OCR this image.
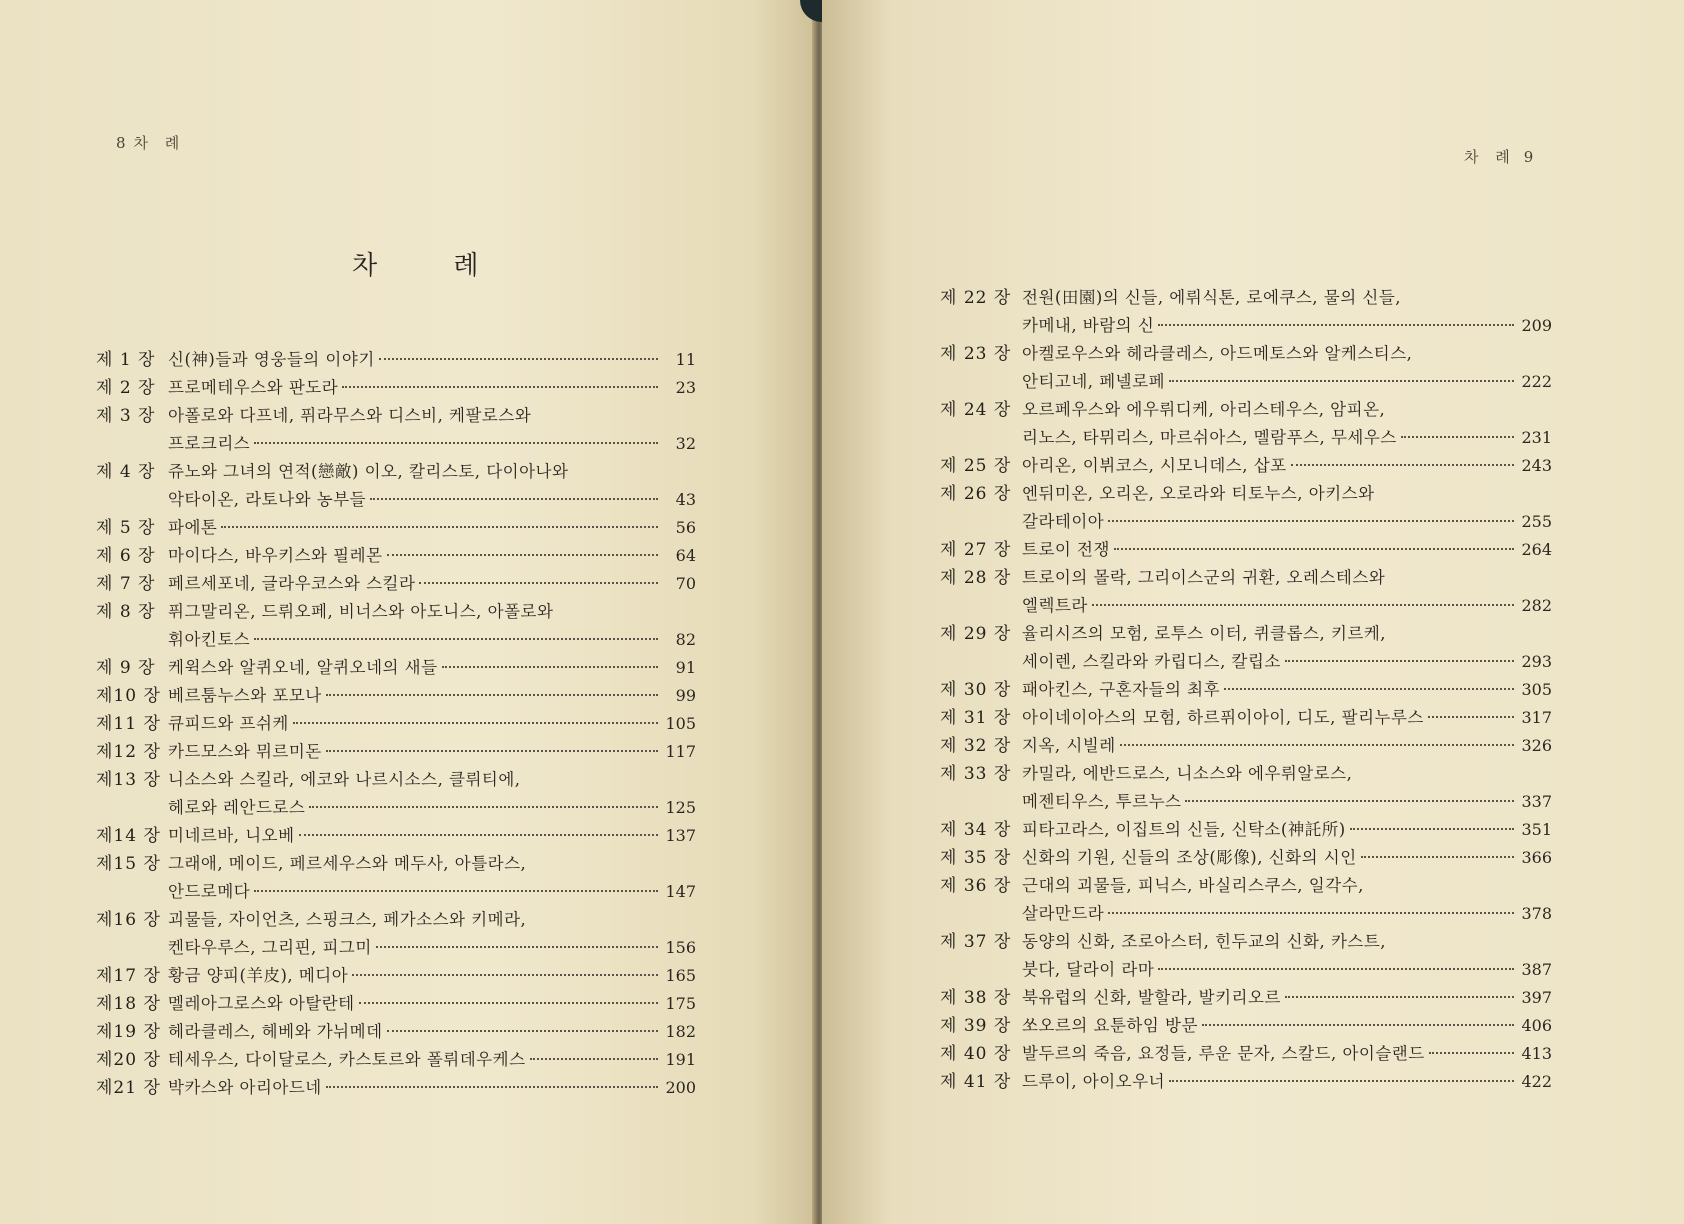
8 차 례
차 례
제 1 장 신(神)들과 영웅들의 이야기	11
제 2 장 프로메테우스와 판도라	23
제 3 장 아폴로와 다프네, 퓌라무스와 디스비, 케팔로스와
프로크리스	32
제 4 장 쥬노와 그녀의 연적(戀敵) 이오, 칼리스토, 다이아나와
악타이온, 라토나와 농부들	43
제 5 장 파에톤	56
제 6 장 마이다스, 바우키스와 필레몬	64
제 7 장 페르세포네, 글라우코스와 스킬라	70
제 8 장 퓌그말리온, 드뤼오페, 비너스와 아도니스, 아폴로와
휘아킨토스	82
제 9 장 케윅스와 알퀴오네, 알퀴오네의 새들	91
제10 장 베르툼누스와 포모나	99
제11 장 큐피드와 프쉬케	105
제12 장 카드모스와 뮈르미돈	117
제13 장 니소스와 스킬라, 에코와 나르시소스, 클뤼티에,
헤로와 레안드로스	125
제14 장 미네르바, 니오베	137
제15 장 그래애, 메이드, 페르세우스와 메두사, 아틀라스,
안드로메다	147
제16 장 괴물들, 자이언츠, 스핑크스, 페가소스와 키메라,
켄타우루스, 그리핀, 피그미	156
제17 장 황금 양피(羊皮), 메디아	165
제18 장 멜레아그로스와 아탈란테	175
제19 장 헤라클레스, 헤베와 가뉘메데	182
제20 장 테세우스, 다이달로스, 카스토르와 폴뤼데우케스	191
제21 장 박카스와 아리아드네	200
차 례 9
제 22 장 전원(田園)의 신들, 에뤼식톤, 로에쿠스, 물의 신들,
카메내, 바람의 신	209
제 23 장 아켈로우스와 헤라클레스, 아드메토스와 알케스티스,
안티고네, 페넬로페	222
제 24 장 오르페우스와 에우뤼디케, 아리스테우스, 암피온,
리노스, 타뮈리스, 마르쉬아스, 멜람푸스, 무세우스	231
제 25 장 아리온, 이뷔코스, 시모니데스, 삽포	243
제 26 장 엔뒤미온, 오리온, 오로라와 티토누스, 아키스와
갈라테이아	255
제 27 장 트로이 전쟁	264
제 28 장 트로이의 몰락, 그리이스군의 귀환, 오레스테스와
엘렉트라	282
제 29 장 율리시즈의 모험, 로투스 이터, 퀴클롭스, 키르케,
세이렌, 스킬라와 카립디스, 칼립소	293
제 30 장 패아킨스, 구혼자들의 최후	305
제 31 장 아이네이아스의 모험, 하르퓌이아이, 디도, 팔리누루스	317
제 32 장 지옥, 시빌레	326
제 33 장 카밀라, 에반드로스, 니소스와 에우뤼알로스,
메젠티우스, 투르누스	337
제 34 장 피타고라스, 이집트의 신들, 신탁소(神託所)	351
제 35 장 신화의 기원, 신들의 조상(彫像), 신화의 시인	366
제 36 장 근대의 괴물들, 피닉스, 바실리스쿠스, 일각수,
살라만드라	378
제 37 장 동양의 신화, 조로아스터, 힌두교의 신화, 카스트,
붓다, 달라이 라마	387
제 38 장 북유럽의 신화, 발할라, 발키리오르	397
제 39 장 쏘오르의 요툰하임 방문	406
제 40 장 발두르의 죽음, 요정들, 루운 문자, 스칼드, 아이슬랜드	413
제 41 장 드루이, 아이오우너	422
